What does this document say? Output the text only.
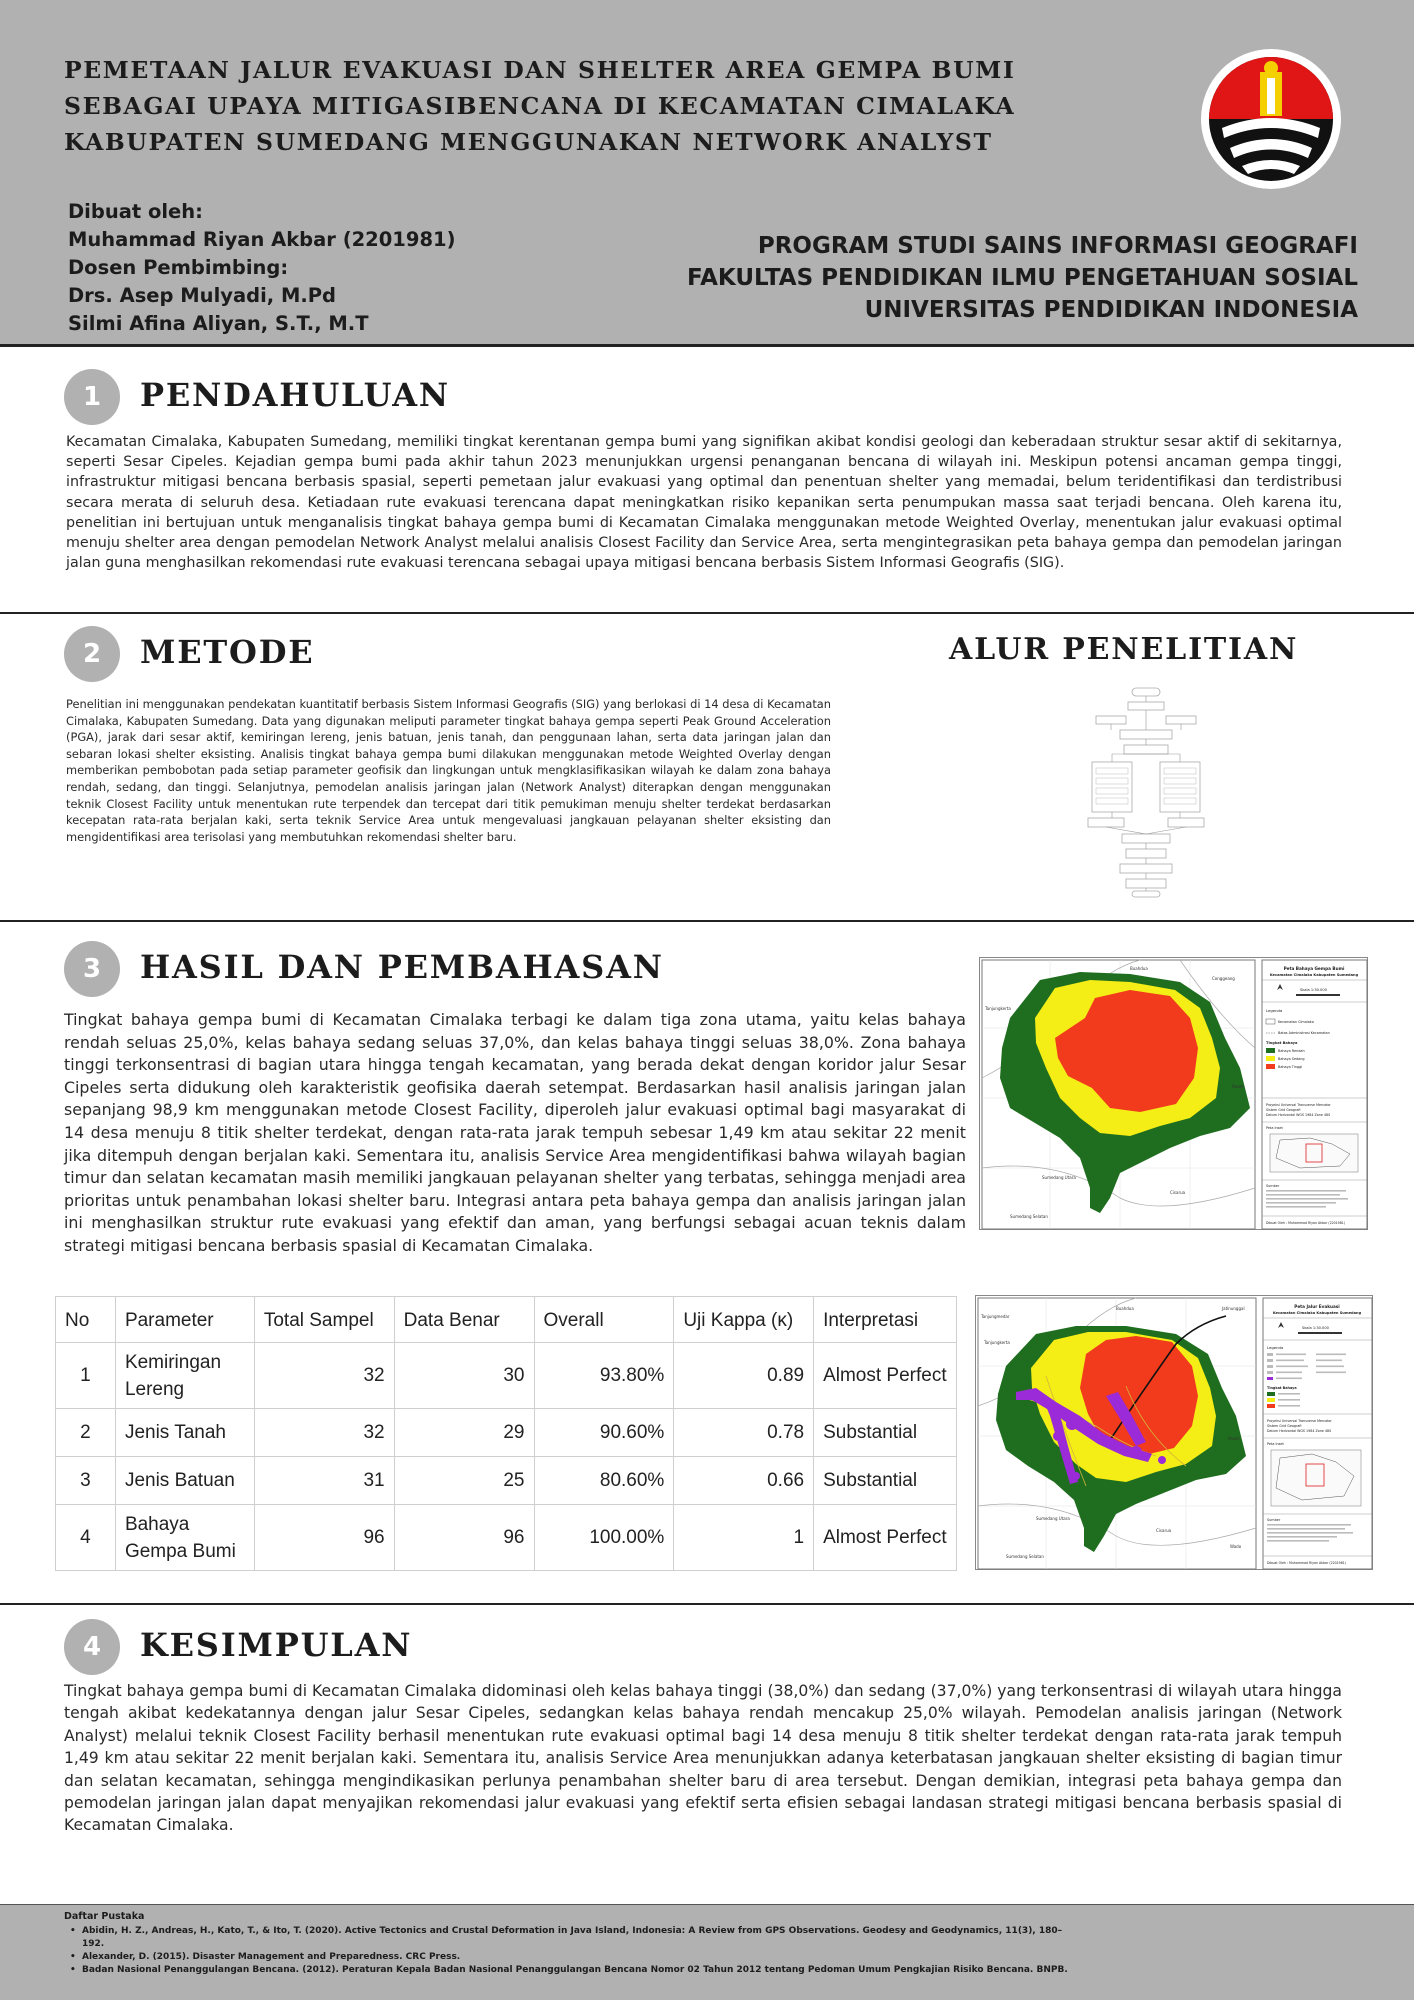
PEMETAAN JALUR EVAKUASI DAN SHELTER AREA GEMPA BUMI SEBAGAI UPAYA MITIGASIBENCANA DI KECAMATAN CIMALAKA KABUPATEN SUMEDANG MENGGUNAKAN NETWORK ANALYST
Dibuat oleh:
Muhammad Riyan Akbar (2201981)
Dosen Pembimbing:
Drs. Asep Mulyadi, M.Pd
Silmi Afina Aliyan, S.T., M.T
PROGRAM STUDI SAINS INFORMASI GEOGRAFI
FAKULTAS PENDIDIKAN ILMU PENGETAHUAN SOSIAL
UNIVERSITAS PENDIDIKAN INDONESIA
1	PENDAHULUAN

Kecamatan Cimalaka, Kabupaten Sumedang, memiliki tingkat kerentanan gempa bumi yang signifikan akibat kondisi geologi dan keberadaan struktur sesar aktif di sekitarnya, seperti Sesar Cipeles. Kejadian gempa bumi pada akhir tahun 2023 menunjukkan urgensi penanganan bencana di wilayah ini. Meskipun potensi ancaman gempa tinggi, infrastruktur mitigasi bencana berbasis spasial, seperti pemetaan jalur evakuasi yang optimal dan penentuan shelter yang memadai, belum teridentifikasi dan terdistribusi secara merata di seluruh desa. Ketiadaan rute evakuasi terencana dapat meningkatkan risiko kepanikan serta penumpukan massa saat terjadi bencana. Oleh karena itu, penelitian ini bertujuan untuk menganalisis tingkat bahaya gempa bumi di Kecamatan Cimalaka menggunakan metode Weighted Overlay, menentukan jalur evakuasi optimal menuju shelter area dengan pemodelan Network Analyst melalui analisis Closest Facility dan Service Area, serta mengintegrasikan peta bahaya gempa dan pemodelan jaringan jalan guna menghasilkan rekomendasi rute evakuasi terencana sebagai upaya mitigasi bencana berbasis Sistem Informasi Geografis (SIG).

2	METODE

Penelitian ini menggunakan pendekatan kuantitatif berbasis Sistem Informasi Geografis (SIG) yang berlokasi di 14 desa di Kecamatan Cimalaka, Kabupaten Sumedang. Data yang digunakan meliputi parameter tingkat bahaya gempa seperti Peak Ground Acceleration (PGA), jarak dari sesar aktif, kemiringan lereng, jenis batuan, jenis tanah, dan penggunaan lahan, serta data jaringan jalan dan sebaran lokasi shelter eksisting. Analisis tingkat bahaya gempa bumi dilakukan menggunakan metode Weighted Overlay dengan memberikan pembobotan pada setiap parameter geofisik dan lingkungan untuk mengklasifikasikan wilayah ke dalam zona bahaya rendah, sedang, dan tinggi. Selanjutnya, pemodelan analisis jaringan jalan (Network Analyst) diterapkan dengan menggunakan teknik Closest Facility untuk menentukan rute terpendek dan tercepat dari titik pemukiman menuju shelter terdekat berdasarkan kecepatan rata-rata berjalan kaki, serta teknik Service Area untuk mengevaluasi jangkauan pelayanan shelter eksisting dan mengidentifikasi area terisolasi yang membutuhkan rekomendasi shelter baru.

ALUR PENELITIAN
3	HASIL DAN PEMBAHASAN

Tingkat bahaya gempa bumi di Kecamatan Cimalaka terbagi ke dalam tiga zona utama, yaitu kelas bahaya rendah seluas 25,0%, kelas bahaya sedang seluas 37,0%, dan kelas bahaya tinggi seluas 38,0%. Zona bahaya tinggi terkonsentrasi di bagian utara hingga tengah kecamatan, yang berada dekat dengan koridor jalur Sesar Cipeles serta didukung oleh karakteristik geofisika daerah setempat. Berdasarkan hasil analisis jaringan jalan sepanjang 98,9 km menggunakan metode Closest Facility, diperoleh jalur evakuasi optimal bagi masyarakat di 14 desa menuju 8 titik shelter terdekat, dengan rata-rata jarak tempuh sebesar 1,49 km atau sekitar 22 menit jika ditempuh dengan berjalan kaki. Sementara itu, analisis Service Area mengidentifikasi bahwa wilayah bagian timur dan selatan kecamatan masih memiliki jangkauan pelayanan shelter yang terbatas, sehingga menjadi area prioritas untuk penambahan lokasi shelter baru. Integrasi antara peta bahaya gempa dan analisis jaringan jalan ini menghasilkan struktur rute evakuasi yang efektif dan aman, yang berfungsi sebagai acuan teknis dalam strategi mitigasi bencana berbasis spasial di Kecamatan Cimalaka.

Tanjungkerta
Buahdua
Conggeang
Paseh
Sumedang Utara
Cisarua
Sumedang Selatan
Peta Bahaya Gempa Bumi
Kecamatan Cimalaka Kabupaten Sumedang
Skala 1:30.000
Legenda
Kecamatan Cimalaka
Batas Administrasi Kecamatan
Tingkat Bahaya
Bahaya Rendah
Bahaya Sedang
Bahaya Tinggi
Proyeksi Universal Transverse Mercator
Sistem Grid Geografi
Datum Horizontal WGS 1984 Zone 48S
Peta Inset
Sumber
Dibuat Oleh : Muhammad Riyan Akbar (2201981)
Tanjungmedar
Tanjungkerta
Buahdua	Jatinunggal
Paseh
Sumedang Utara
Cisarua
Sumedang Selatan
Wado
Peta Jalur Evakuasi
Kecamatan Cimalaka Kabupaten Sumedang
Skala 1:30.000
Legenda
Tingkat Bahaya
Proyeksi Universal Transverse Mercator
Sistem Grid Geografi
Datum Horizontal WGS 1984 Zone 48S
Peta Inset
Sumber
Dibuat Oleh : Muhammad Riyan Akbar (2201981)
No	Parameter	Total Sampel	Data Benar	Overall	Uji Kappa (κ)	Interpretasi

1	Kemiringan Lereng	32	30	93.80%	0.89	Almost Perfect
2	Jenis Tanah	32	29	90.60%	0.78	Substantial
3	Jenis Batuan	31	25	80.60%	0.66	Substantial
4	Bahaya Gempa Bumi	96	96	100.00%	1	Almost Perfect
4	KESIMPULAN

Tingkat bahaya gempa bumi di Kecamatan Cimalaka didominasi oleh kelas bahaya tinggi (38,0%) dan sedang (37,0%) yang terkonsentrasi di wilayah utara hingga tengah akibat kedekatannya dengan jalur Sesar Cipeles, sedangkan kelas bahaya rendah mencakup 25,0% wilayah. Pemodelan analisis jaringan (Network Analyst) melalui teknik Closest Facility berhasil menentukan rute evakuasi optimal bagi 14 desa menuju 8 titik shelter terdekat dengan rata-rata jarak tempuh 1,49 km atau sekitar 22 menit berjalan kaki. Sementara itu, analisis Service Area menunjukkan adanya keterbatasan jangkauan shelter eksisting di bagian timur dan selatan kecamatan, sehingga mengindikasikan perlunya penambahan shelter baru di area tersebut. Dengan demikian, integrasi peta bahaya gempa dan pemodelan jaringan jalan dapat menyajikan rekomendasi jalur evakuasi yang efektif serta efisien sebagai landasan strategi mitigasi bencana berbasis spasial di Kecamatan Cimalaka.

Daftar Pustaka
• Abidin, H. Z., Andreas, H., Kato, T., & Ito, T. (2020). Active Tectonics and Crustal Deformation in Java Island, Indonesia: A Review from GPS Observations. Geodesy and Geodynamics, 11(3), 180–192.
• Alexander, D. (2015). Disaster Management and Preparedness. CRC Press.
• Badan Nasional Penanggulangan Bencana. (2012). Peraturan Kepala Badan Nasional Penanggulangan Bencana Nomor 02 Tahun 2012 tentang Pedoman Umum Pengkajian Risiko Bencana. BNPB.
